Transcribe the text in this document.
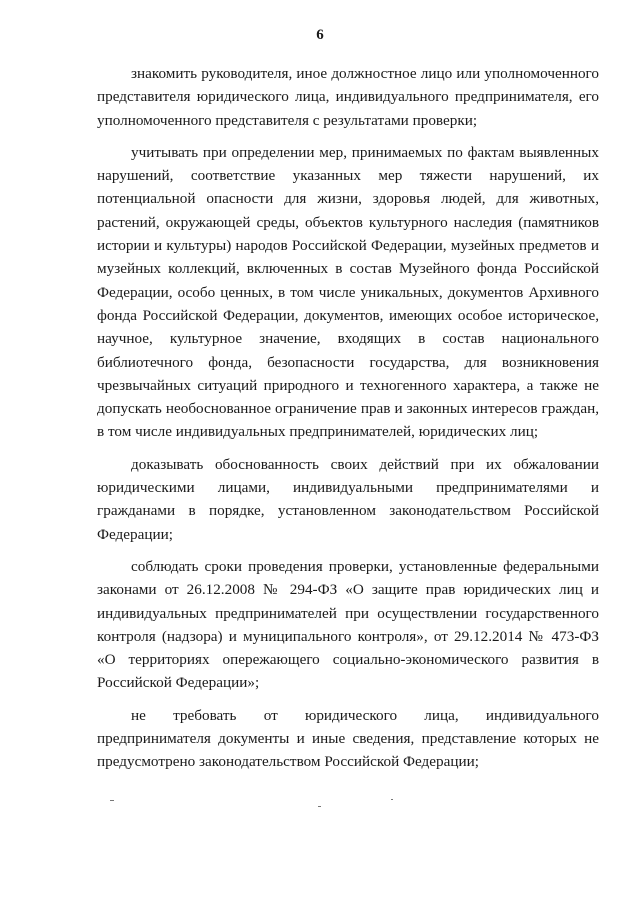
6

знакомить руководителя, иное должностное лицо или уполномоченного представителя юридического лица, индивидуального предпринимателя, его уполномоченного представителя с результатами проверки;

учитывать при определении мер, принимаемых по фактам выявленных нарушений, соответствие указанных мер тяжести нарушений, их потенциальной опасности для жизни, здоровья людей, для животных, растений, окружающей среды, объектов культурного наследия (памятников истории и культуры) народов Российской Федерации, музейных предметов и музейных коллекций, включенных в состав Музейного фонда Российской Федерации, особо ценных, в том числе уникальных, документов Архивного фонда Российской Федерации, документов, имеющих особое историческое, научное, культурное значение, входящих в состав национального библиотечного фонда, безопасности государства, для возникновения чрезвычайных ситуаций природного и техногенного характера, а также не допускать необоснованное ограничение прав и законных интересов граждан, в том числе индивидуальных предпринимателей, юридических лиц;

доказывать обоснованность своих действий при их обжаловании юридическими лицами, индивидуальными предпринимателями и гражданами в порядке, установленном законодательством Российской Федерации;

соблюдать сроки проведения проверки, установленные федеральными законами от 26.12.2008 № 294-ФЗ «О защите прав юридических лиц и индивидуальных предпринимателей при осуществлении государственного контроля (надзора) и муниципального контроля», от 29.12.2014 № 473-ФЗ «О территориях опережающего социально-экономического развития в Российской Федерации»;

не требовать от юридического лица, индивидуального предпринимателя документы и иные сведения, представление которых не предусмотрено законодательством Российской Федерации;
